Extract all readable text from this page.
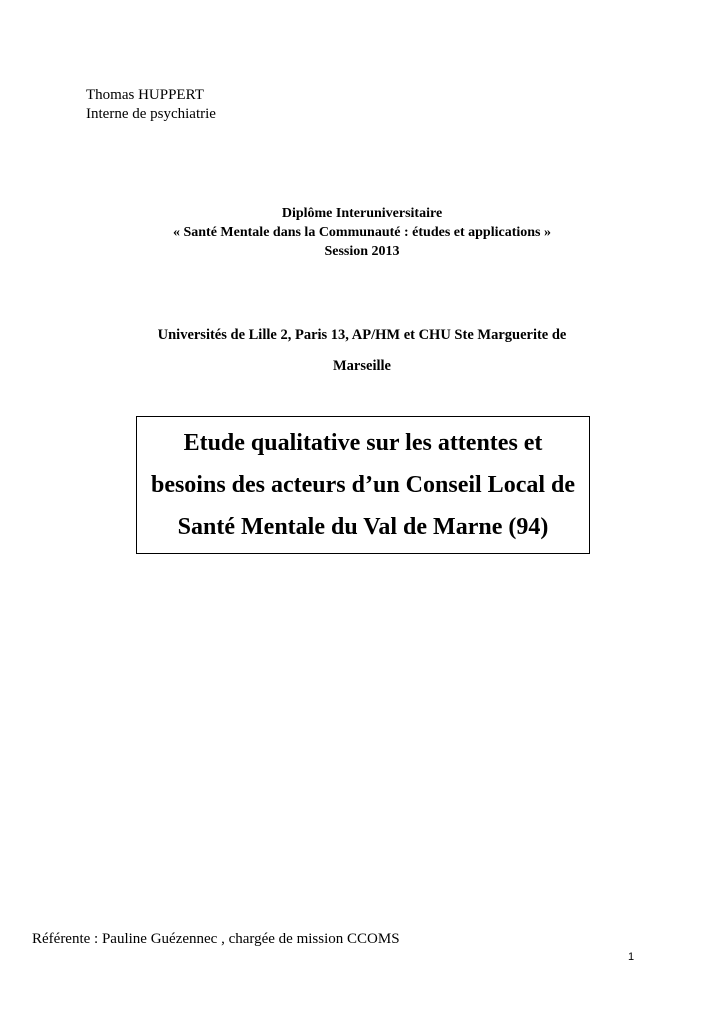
Thomas HUPPERT
Interne de psychiatrie
Diplôme Interuniversitaire
« Santé Mentale dans la Communauté : études et applications »
Session 2013
Universités de Lille 2, Paris 13, AP/HM et CHU Ste Marguerite de
Marseille
Etude qualitative sur les attentes et
besoins des acteurs d’un Conseil Local de
Santé Mentale du Val de Marne (94)
Référente : Pauline Guézennec , chargée de mission CCOMS
1
